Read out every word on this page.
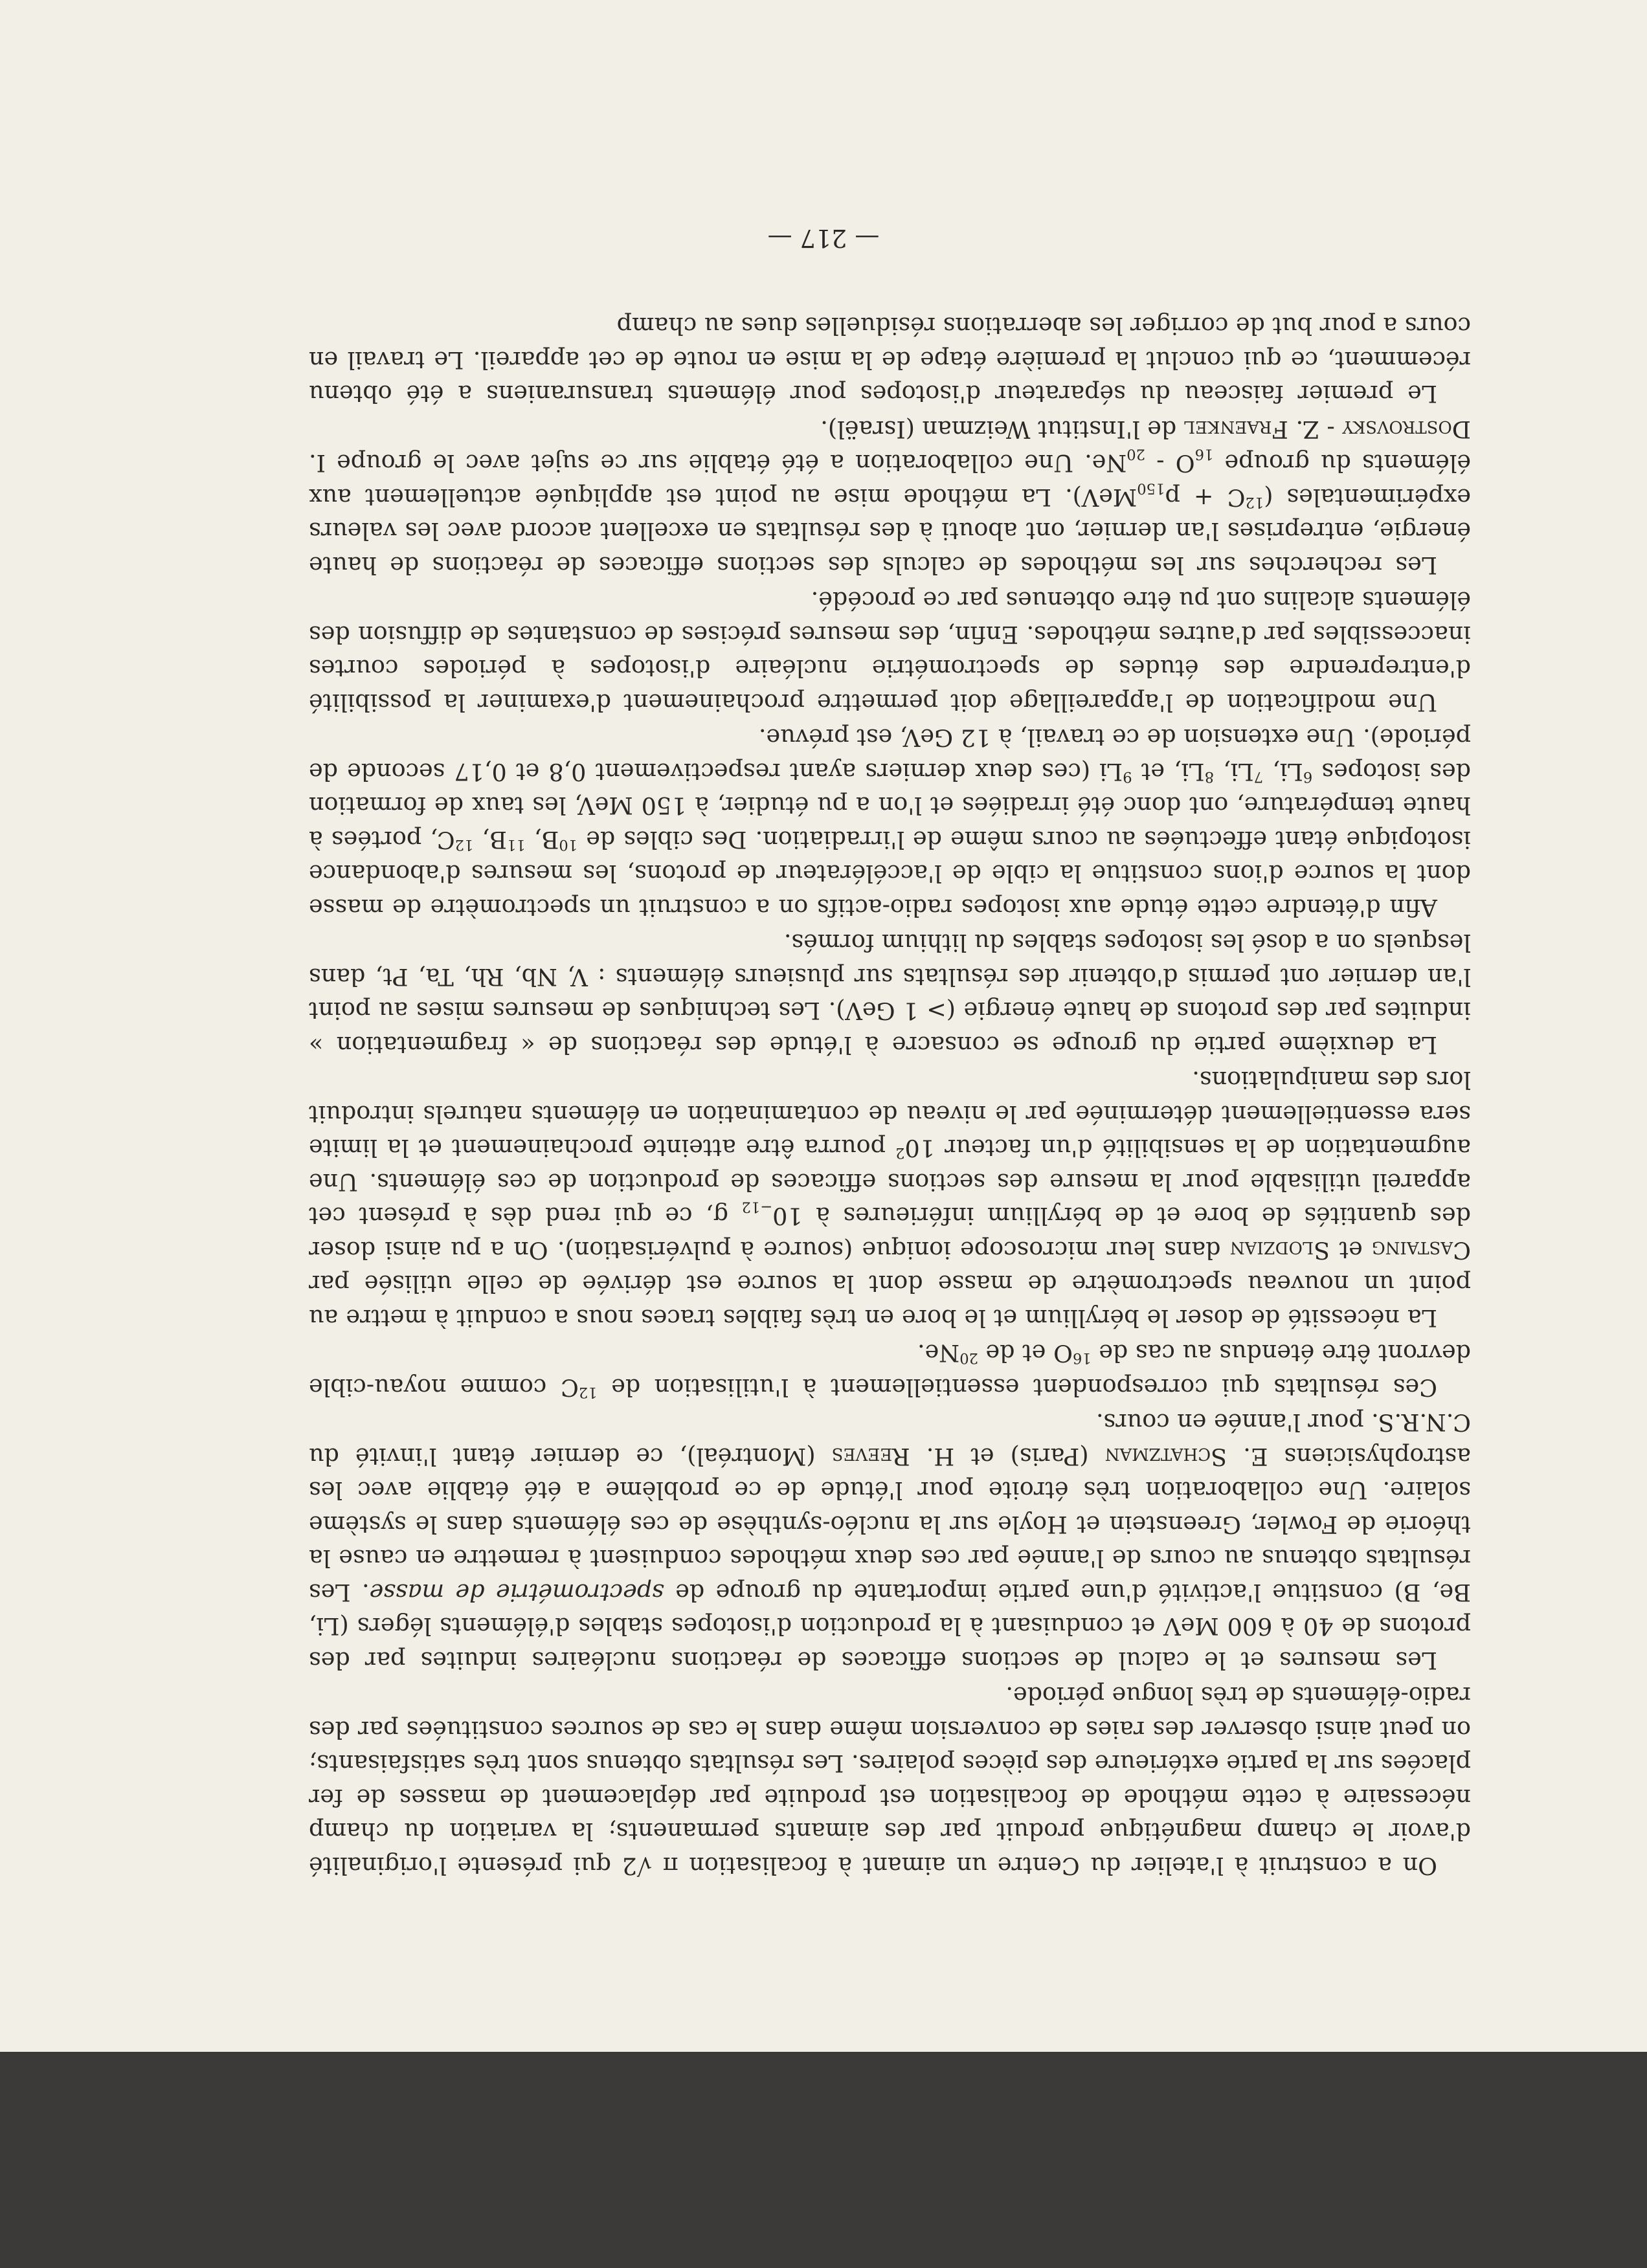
On a construit à l'atelier du Centre un aimant à focalisation π √2 qui présente l'originalité d'avoir le champ magnétique produit par des aimants permanents; la variation du champ nécessaire à cette méthode de focalisation est produite par déplacement de masses de fer placées sur la partie extérieure des pièces polaires. Les résultats obtenus sont très satisfaisants; on peut ainsi observer des raies de conversion même dans le cas de sources constituées par des radio-éléments de très longue période.

Les mesures et le calcul de sections efficaces de réactions nucléaires induites par des protons de 40 à 600 MeV et conduisant à la production d'isotopes stables d'éléments légers (Li, Be, B) constitue l'activité d'une partie importante du groupe de spectrométrie de masse. Les résultats obtenus au cours de l'année par ces deux méthodes conduisent à remettre en cause la théorie de Fowler, Greenstein et Hoyle sur la nucléo-synthèse de ces éléments dans le système solaire. Une collaboration très étroite pour l'étude de ce problème a été établie avec les astrophysiciens E. Schatzman (Paris) et H. Reeves (Montréal), ce dernier étant l'invité du C.N.R.S. pour l'année en cours.

Ces résultats qui correspondent essentiellement à l'utilisation de $^{12}$C comme noyau-cible devront être étendus au cas de $^{16}$O et de $^{20}$Ne.

La nécessité de doser le béryllium et le bore en très faibles traces nous a conduit à mettre au point un nouveau spectromètre de masse dont la source est dérivée de celle utilisée par Castaing et Slodzian dans leur microscope ionique (source à pulvérisation). On a pu ainsi doser des quantités de bore et de béryllium inférieures à $10_{-12}$ g, ce qui rend dès à présent cet appareil utilisable pour la mesure des sections efficaces de production de ces éléments. Une augmentation de la sensibilité d'un facteur $10^2$ pourra être atteinte prochainement et la limite sera essentiellement déterminée par le niveau de contamination en éléments naturels introduit lors des manipulations.

La deuxième partie du groupe se consacre à l'étude des réactions de « fragmentation » induites par des protons de haute énergie (> 1 GeV). Les techniques de mesures mises au point l'an dernier ont permis d'obtenir des résultats sur plusieurs éléments : V, Nb, Rh, Ta, Pt, dans lesquels on a dosé les isotopes stables du lithium formés.

Afin d'étendre cette étude aux isotopes radio-actifs on a construit un spectromètre de masse dont la source d'ions constitue la cible de l'accélérateur de protons, les mesures d'abondance isotopique étant effectuées au cours même de l'irradiation. Des cibles de $^{10}$B, $^{11}$B, $^{12}$C, portées à haute température, ont donc été irradiées et l'on a pu étudier, à 150 MeV, les taux de formation des isotopes $^6$Li, $^7$Li, $^8$Li, et $^9$Li (ces deux derniers ayant respectivement 0,8 et 0,17 seconde de période). Une extension de ce travail, à 12 GeV, est prévue.

Une modification de l'appareillage doit permettre prochainement d'examiner la possibilité d'entreprendre des études de spectrométrie nucléaire d'isotopes à périodes courtes inaccessibles par d'autres méthodes. Enfin, des mesures précises de constantes de diffusion des éléments alcalins ont pu être obtenues par ce procédé.

Les recherches sur les méthodes de calculs des sections efficaces de réactions de haute énergie, entreprises l'an dernier, ont abouti à des résultats en excellent accord avec les valeurs expérimentales $(^{12}C + p_{150}MeV)$. La méthode mise au point est appliquée actuellement aux éléments du groupe $_{16}$O - $_{20}$Ne. Une collaboration a été établie sur ce sujet avec le groupe I. Dostrovsky - Z. Fraenkel de l'Institut Weizman (Israël).

Le premier faisceau du séparateur d'isotopes pour éléments transuraniens a été obtenu récemment, ce qui conclut la première étape de la mise en route de cet appareil. Le travail en cours a pour but de corriger les aberrations résiduelles dues au champ

— 217 —
